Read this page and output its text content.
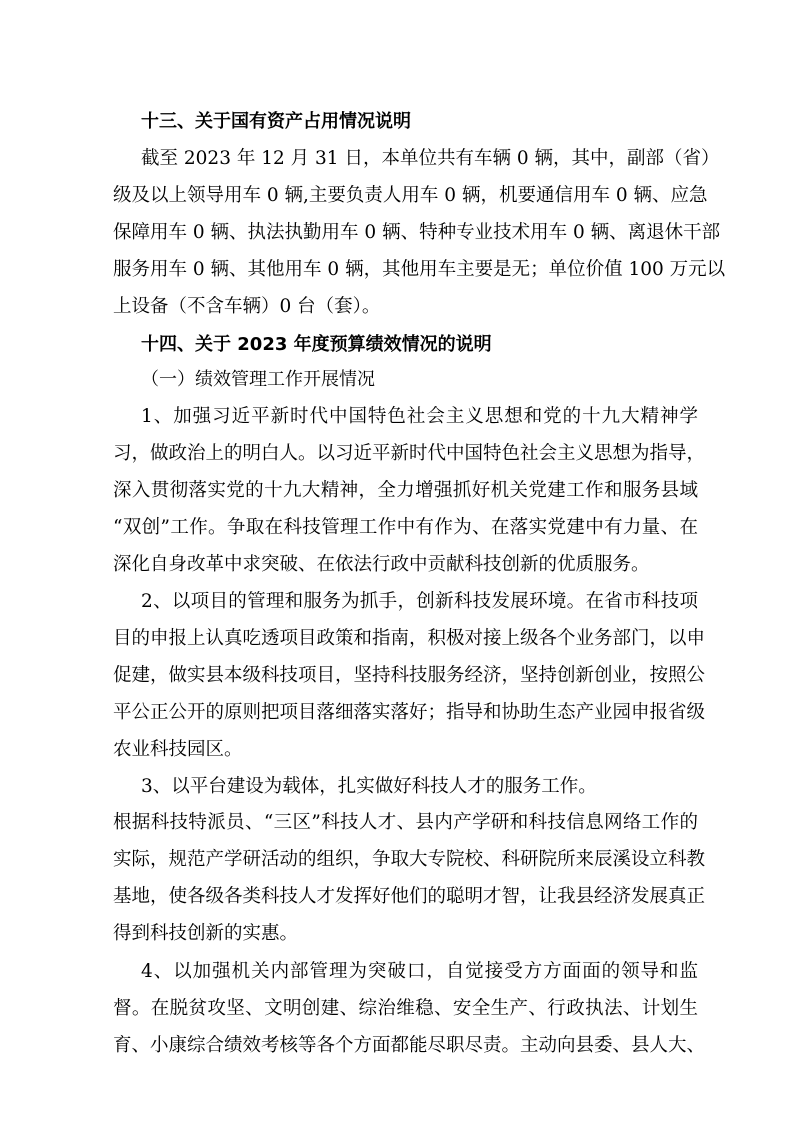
十三、关于国有资产占用情况说明
截至 2023 年 12 月 31 日，本单位共有车辆 0 辆，其中，副部（省）
级及以上领导用车 0 辆,主要负责人用车 0 辆，机要通信用车 0 辆、应急
保障用车 0 辆、执法执勤用车 0 辆、特种专业技术用车 0 辆、离退休干部
服务用车 0 辆、其他用车 0 辆，其他用车主要是无；单位价值 100 万元以
上设备（不含车辆）0 台（套）。
十四、关于 2023 年度预算绩效情况的说明
（一）绩效管理工作开展情况
1、加强习近平新时代中国特色社会主义思想和党的十九大精神学
习，做政治上的明白人。以习近平新时代中国特色社会主义思想为指导，
深入贯彻落实党的十九大精神，全力增强抓好机关党建工作和服务县域
“双创”工作。争取在科技管理工作中有作为、在落实党建中有力量、在
深化自身改革中求突破、在依法行政中贡献科技创新的优质服务。
2、以项目的管理和服务为抓手，创新科技发展环境。在省市科技项
目的申报上认真吃透项目政策和指南，积极对接上级各个业务部门，以申
促建，做实县本级科技项目，坚持科技服务经济，坚持创新创业，按照公
平公正公开的原则把项目落细落实落好；指导和协助生态产业园申报省级
农业科技园区。
3、以平台建设为载体，扎实做好科技人才的服务工作。
根据科技特派员、“三区”科技人才、县内产学研和科技信息网络工作的
实际，规范产学研活动的组织，争取大专院校、科研院所来辰溪设立科教
基地，使各级各类科技人才发挥好他们的聪明才智，让我县经济发展真正
得到科技创新的实惠。
4、以加强机关内部管理为突破口，自觉接受方方面面的领导和监
督。在脱贫攻坚、文明创建、综治维稳、安全生产、行政执法、计划生
育、小康综合绩效考核等各个方面都能尽职尽责。主动向县委、县人大、
